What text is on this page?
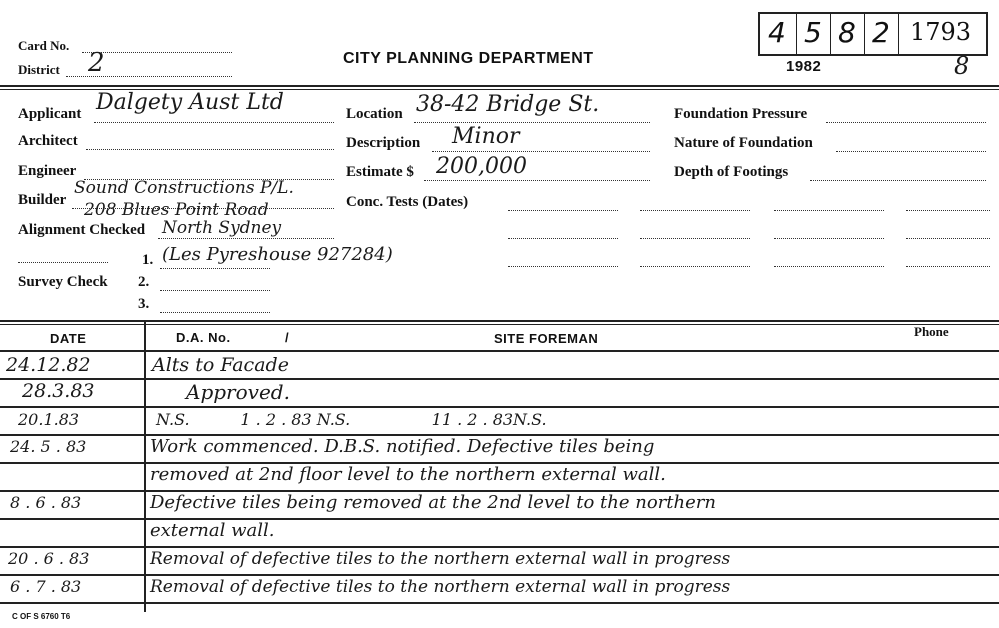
Card No.
District 2	CITY PLANNING DEPARTMENT
4 5 8 2 1793
1982	8
Applicant Dalgety Aust Ltd
Architect
Engineer
Builder
Sound Constructions P/L.
208 Blues Point Road
Alignment Checked North Sydney
1. (Les Pyreshouse 927284)
Survey Check 2.
3.
Location 38-42 Bridge St.
Description Minor
Estimate $ 200,000
Conc. Tests (Dates)
Foundation Pressure
Nature of Foundation
Depth of Footings
DATE	D.A. No.	/	SITE FOREMAN	Phone
24.12.82	Alts to Facade
28.3.83	Approved.
20.1.83	N.S.          1 . 2 . 83 N.S.                11 . 2 . 83N.S.
24. 5 . 83	Work commenced. D.B.S. notified. Defective tiles being
removed at 2nd floor level to the northern external wall.
8 . 6 . 83	Defective tiles being removed at the 2nd level to the northern
external wall.
20 . 6 . 83	Removal of defective tiles to the northern external wall in progress
6 . 7 . 83	Removal of defective tiles to the northern external wall in progress
C OF S 6760 T6
